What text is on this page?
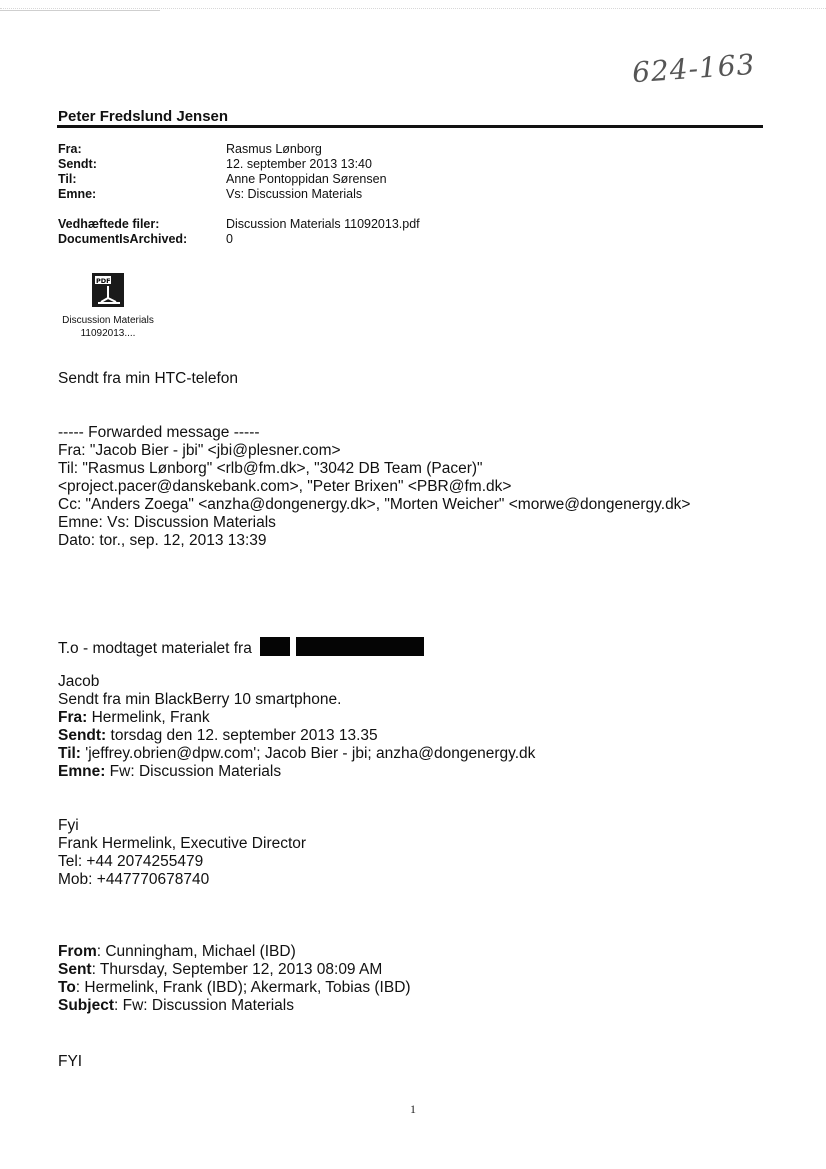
624-163
Peter Fredslund Jensen
Fra:	Rasmus Lønborg
Sendt:	12. september 2013 13:40
Til:	Anne Pontoppidan Sørensen
Emne:	Vs: Discussion Materials
Vedhæftede filer:	Discussion Materials 11092013.pdf
DocumentIsArchived:	0
PDF
Discussion Materials
11092013....
Sendt fra min HTC-telefon
----- Forwarded message -----
Fra: "Jacob Bier - jbi" <jbi@plesner.com>
Til: "Rasmus Lønborg" <rlb@fm.dk>, "3042 DB Team (Pacer)"
<project.pacer@danskebank.com>, "Peter Brixen" <PBR@fm.dk>
Cc: "Anders Zoega" <anzha@dongenergy.dk>, "Morten Weicher" <morwe@dongenergy.dk>
Emne: Vs: Discussion Materials
Dato: tor., sep. 12, 2013 13:39
T.o - modtaget materialet fra
Jacob
Sendt fra min BlackBerry 10 smartphone.
Fra: Hermelink, Frank
Sendt: torsdag den 12. september 2013 13.35
Til: 'jeffrey.obrien@dpw.com'; Jacob Bier - jbi; anzha@dongenergy.dk
Emne: Fw: Discussion Materials
Fyi
Frank Hermelink, Executive Director
Tel: +44 2074255479
Mob: +447770678740
From: Cunningham, Michael (IBD)
Sent: Thursday, September 12, 2013 08:09 AM
To: Hermelink, Frank (IBD); Akermark, Tobias (IBD)
Subject: Fw: Discussion Materials
FYI
1
